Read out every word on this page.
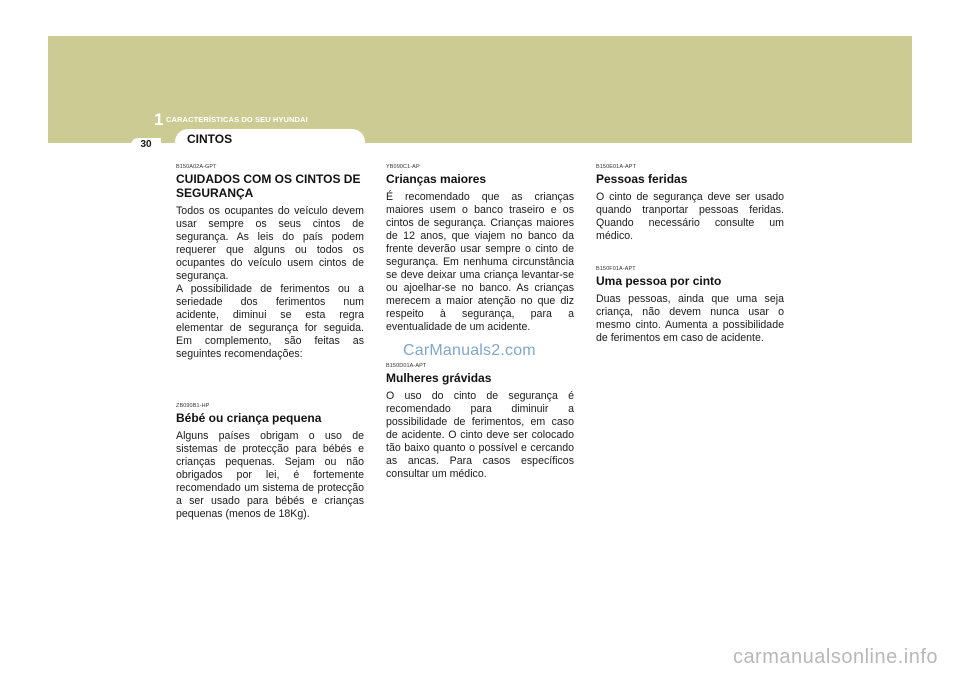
1 CARACTERÍSTICAS DO SEU HYUNDAI
CINTOS
30
B150A02A-GPT
CUIDADOS COM OS CINTOS DE SEGURANÇA

Todos os ocupantes do veículo devem usar sempre os seus cintos de segurança. As leis do país podem requerer que alguns ou todos os ocupantes do veículo usem cintos de segurança.
A possibilidade de ferimentos ou a seriedade dos ferimentos num acidente, diminui se esta regra elementar de segurança for seguida. Em complemento, são feitas as seguintes recomendações:

ZB090B1-HP
Bébé ou criança pequena

Alguns países obrigam o uso de sistemas de protecção para bébés e crianças pequenas. Sejam ou não obrigados por lei, é fortemente recomendado um sistema de protecção a ser usado para bébés e crianças pequenas (menos de 18Kg).

YB090C1-AP
Crianças maiores

É recomendado que as crianças maiores usem o banco traseiro e os cintos de segurança. Crianças maiores de 12 anos, que viajem no banco da frente deverão usar sempre o cinto de segurança. Em nenhuma circunstância se deve deixar uma criança levantar-se ou ajoelhar-se no banco. As crianças merecem a maior atenção no que diz respeito à segurança, para a eventualidade de um acidente.

B150D01A-APT
Mulheres grávidas

O uso do cinto de segurança é recomendado para diminuir a possibilidade de ferimentos, em caso de acidente. O cinto deve ser colocado tão baixo quanto o possível e cercando as ancas. Para casos específicos consultar um médico.

B150E01A-APT
Pessoas feridas

O cinto de segurança deve ser usado quando tranportar pessoas feridas. Quando necessário consulte um médico.

B150F01A-APT
Uma pessoa por cinto

Duas pessoas, ainda que uma seja criança, não devem nunca usar o mesmo cinto. Aumenta a possibilidade de ferimentos em caso de acidente.

CarManuals2.com
carmanualsonline.info
